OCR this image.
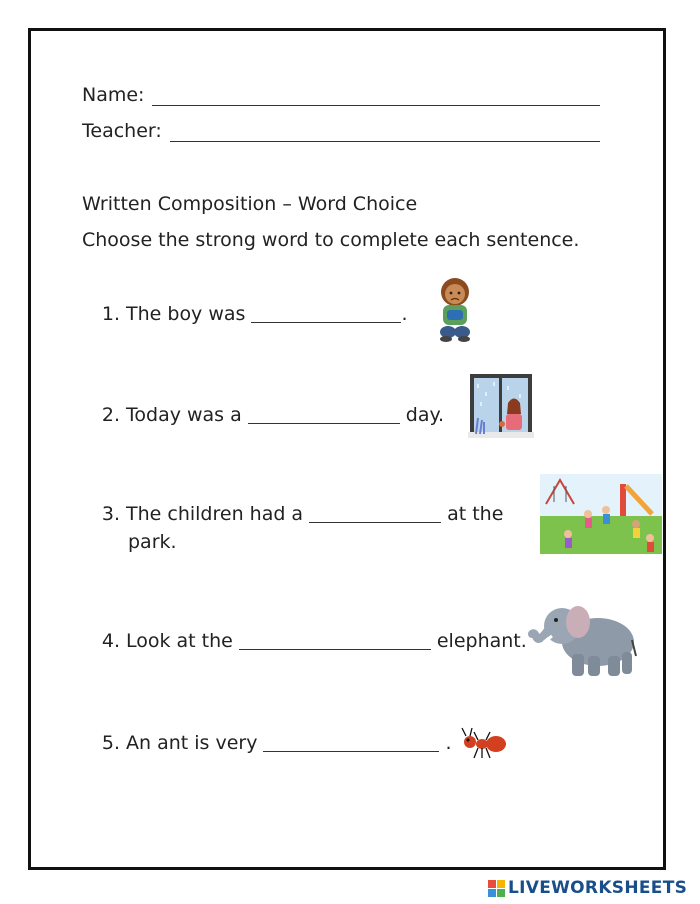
Name:
Teacher:
Written Composition – Word Choice
Choose the strong word to complete each sentence.
1. The boy was	.
2. Today was a	day.
3. The children had a	at the
park.
4. Look at the	elephant.
5. An ant is very	.
LIVEWORKSHEETS
